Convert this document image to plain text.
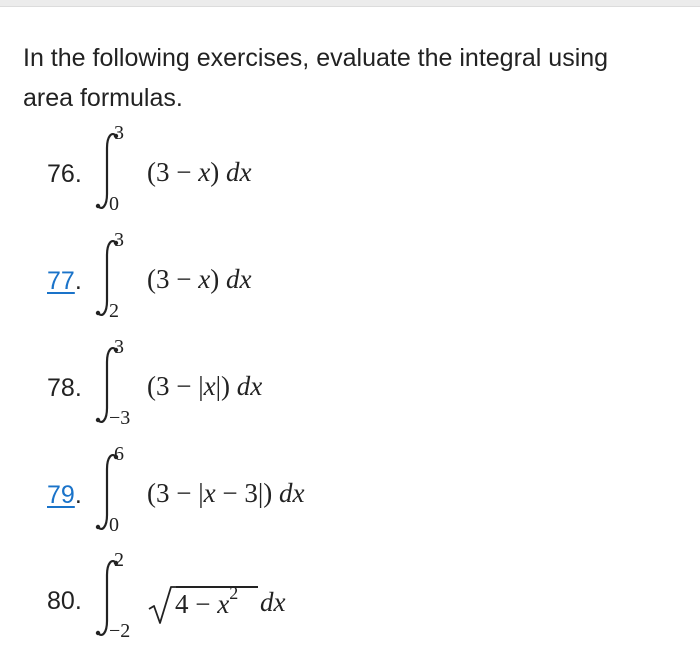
In the following exercises, evaluate the integral using area formulas.
76.
3
0
(3 − x) dx
77.
3
2
(3 − x) dx
78.
3
−3
(3 − |x|) dx
79.
6
0
(3 − |x − 3|) dx
80.
2
−2
$4 - x^2$ dx
